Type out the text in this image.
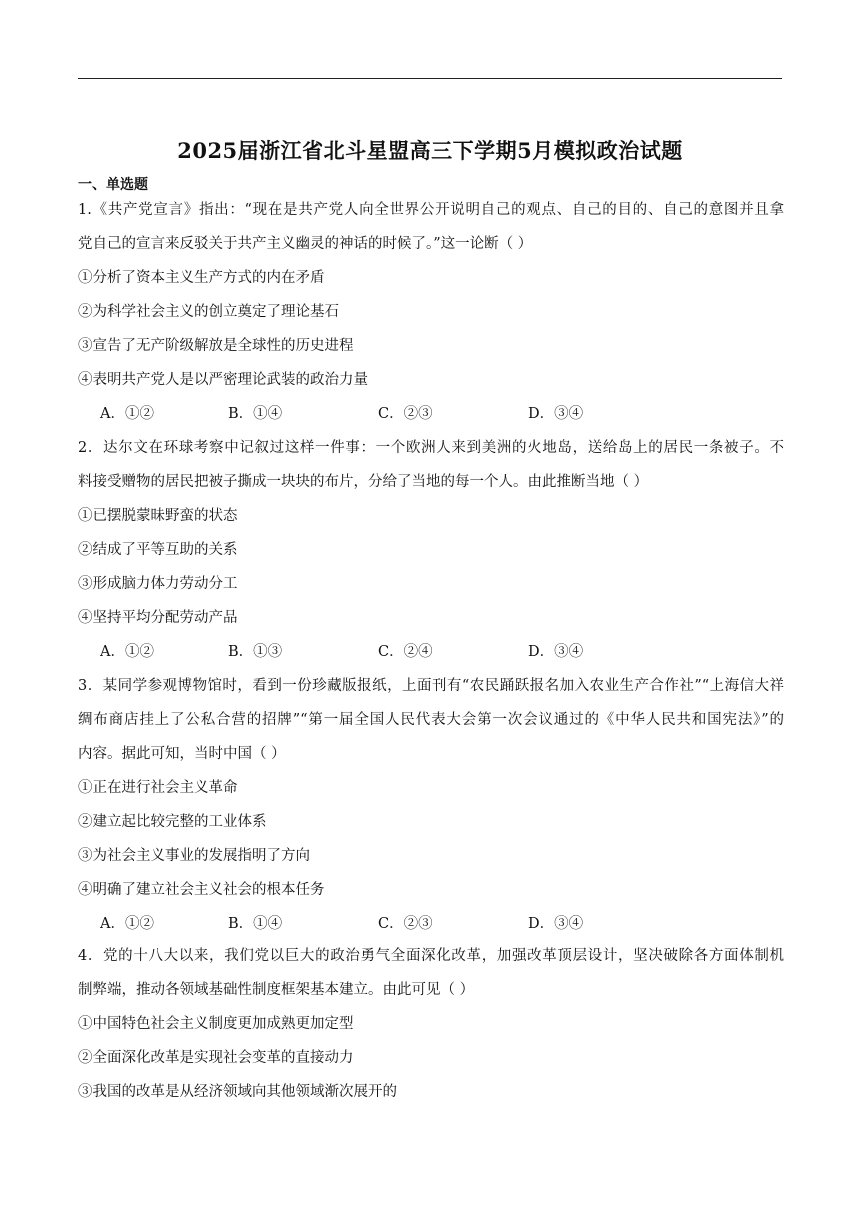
2025届浙江省北斗星盟高三下学期5月模拟政治试题
一、单选题
1.《共产党宣言》指出：“现在是共产党人向全世界公开说明自己的观点、自己的目的、自己的意图并且拿
党自己的宣言来反驳关于共产主义幽灵的神话的时候了。”这一论断（ ）
①分析了资本主义生产方式的内在矛盾
②为科学社会主义的创立奠定了理论基石
③宣告了无产阶级解放是全球性的历史进程
④表明共产党人是以严密理论武装的政治力量
A．①②	B．①④	C．②③	D．③④
2．达尔文在环球考察中记叙过这样一件事：一个欧洲人来到美洲的火地岛，送给岛上的居民一条被子。不
料接受赠物的居民把被子撕成一块块的布片，分给了当地的每一个人。由此推断当地（ ）
①已摆脱蒙昧野蛮的状态
②结成了平等互助的关系
③形成脑力体力劳动分工
④坚持平均分配劳动产品
A．①②	B．①③	C．②④	D．③④
3．某同学参观博物馆时，看到一份珍藏版报纸，上面刊有“农民踊跃报名加入农业生产合作社”“上海信大祥
绸布商店挂上了公私合营的招牌”“第一届全国人民代表大会第一次会议通过的《中华人民共和国宪法》”的
内容。据此可知，当时中国（ ）
①正在进行社会主义革命
②建立起比较完整的工业体系
③为社会主义事业的发展指明了方向
④明确了建立社会主义社会的根本任务
A．①②	B．①④	C．②③	D．③④
4．党的十八大以来，我们党以巨大的政治勇气全面深化改革，加强改革顶层设计，坚决破除各方面体制机
制弊端，推动各领域基础性制度框架基本建立。由此可见（ ）
①中国特色社会主义制度更加成熟更加定型
②全面深化改革是实现社会变革的直接动力
③我国的改革是从经济领域向其他领域渐次展开的
